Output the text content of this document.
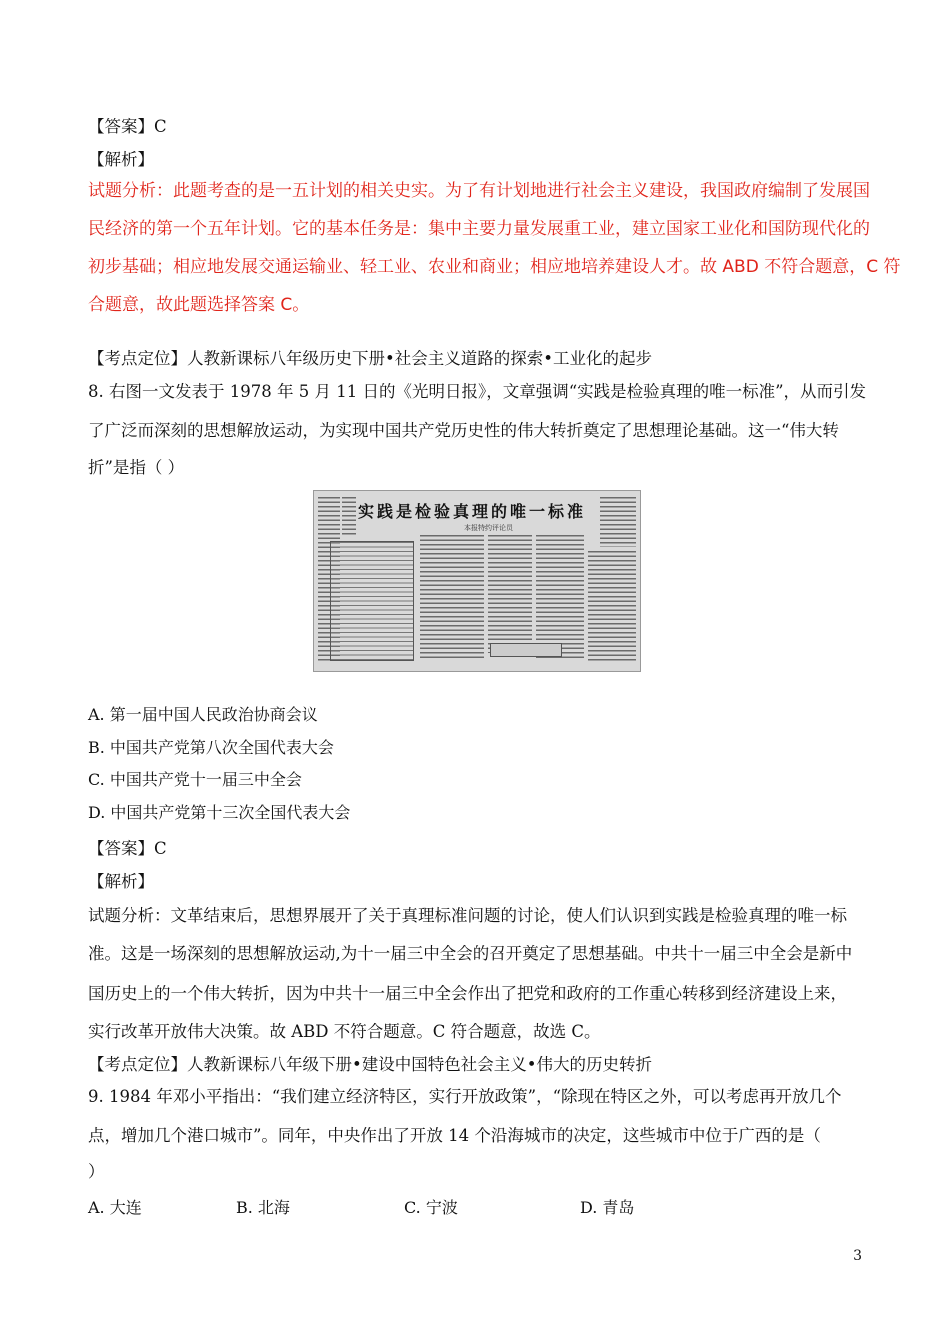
【答案】C
【解析】
试题分析：此题考查的是一五计划的相关史实。为了有计划地进行社会主义建设，我国政府编制了发展国
民经济的第一个五年计划。它的基本任务是：集中主要力量发展重工业，建立国家工业化和国防现代化的
初步基础；相应地发展交通运输业、轻工业、农业和商业；相应地培养建设人才。故 ABD 不符合题意，C 符
合题意，故此题选择答案 C。
【考点定位】人教新课标八年级历史下册•社会主义道路的探索•工业化的起步
8. 右图一文发表于 1978 年 5 月 11 日的《光明日报》，文章强调“实践是检验真理的唯一标准”，从而引发
了广泛而深刻的思想解放运动，为实现中国共产党历史性的伟大转折奠定了思想理论基础。这一“伟大转
折”是指（ ）
实践是检验真理的唯一标准
本报特约评论员
A. 第一届中国人民政治协商会议
B. 中国共产党第八次全国代表大会
C. 中国共产党十一届三中全会
D. 中国共产党第十三次全国代表大会
【答案】C
【解析】
试题分析：文革结束后，思想界展开了关于真理标准问题的讨论，使人们认识到实践是检验真理的唯一标
准。这是一场深刻的思想解放运动,为十一届三中全会的召开奠定了思想基础。中共十一届三中全会是新中
国历史上的一个伟大转折，因为中共十一届三中全会作出了把党和政府的工作重心转移到经济建设上来，
实行改革开放伟大决策。故 ABD 不符合题意。C 符合题意，故选 C。
【考点定位】人教新课标八年级下册•建设中国特色社会主义•伟大的历史转折
9. 1984 年邓小平指出：“我们建立经济特区，实行开放政策”，“除现在特区之外，可以考虑再开放几个
点，增加几个港口城市”。同年，中央作出了开放 14 个沿海城市的决定，这些城市中位于广西的是（
）
A. 大连	B. 北海	C. 宁波	D. 青岛
3
